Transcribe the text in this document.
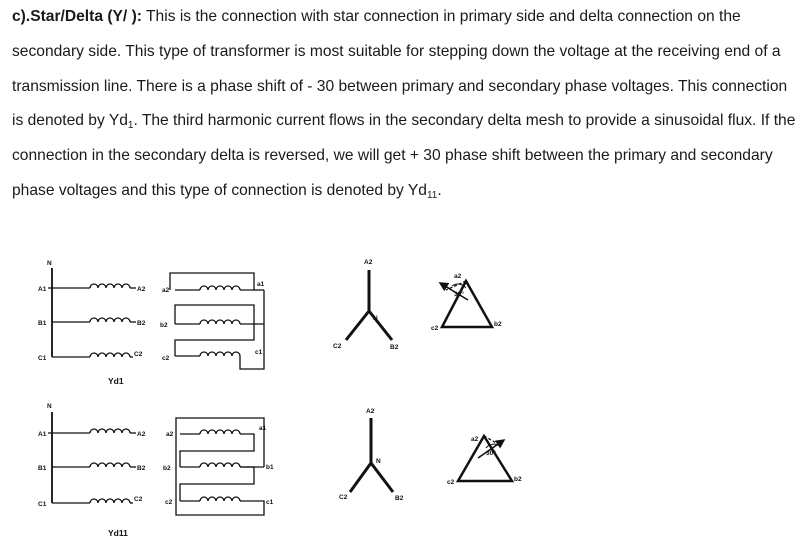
c).Star/Delta (Y/ ): This is the connection with star connection in primary side and delta connection on the secondary side. This type of transformer is most suitable for stepping down the voltage at the receiving end of a transmission line. There is a phase shift of - 30 between primary and secondary phase voltages. This connection is denoted by $Yd_1$. The third harmonic current flows in the secondary delta mesh to provide a sinusoidal flux. If the connection in the secondary delta is reversed, we will get + 30 phase shift between the primary and secondary phase voltages and this type of connection is denoted by $Yd_{11}$.

N
A1
B1
C1
A2
B2
C2
a2
b2
c2
a1
c1
Yd1
A2
N
C2	B2
a2
30°
c2
b2
N
A1
B1
C1
A2
B2
C2
a2
b2
c2
a1
b1
c1
Yd11
A2
N
C2	B2
a2
30°
c2	b2
